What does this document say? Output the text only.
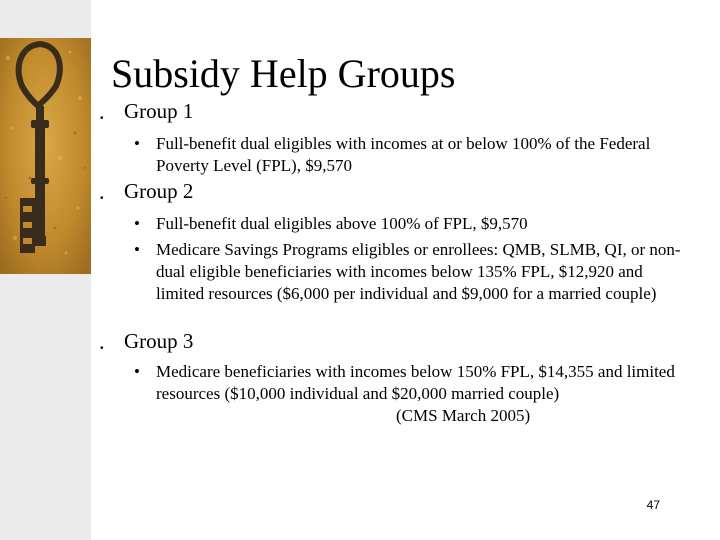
Subsidy Help Groups
• Group 1
• Full-benefit dual eligibles with incomes at or below 100% of the Federal Poverty Level (FPL), $9,570
• Group 2
• Full-benefit dual eligibles above 100% of FPL, $9,570
• Medicare Savings Programs eligibles or enrollees: QMB, SLMB, QI, or non-dual eligible beneficiaries with incomes below 135% FPL, $12,920 and limited resources ($6,000 per individual and $9,000 for a married couple)
• Group 3
• Medicare beneficiaries with incomes below 150% FPL, $14,355 and limited resources ($10,000 individual and $20,000 married couple)(CMS March 2005)
47
